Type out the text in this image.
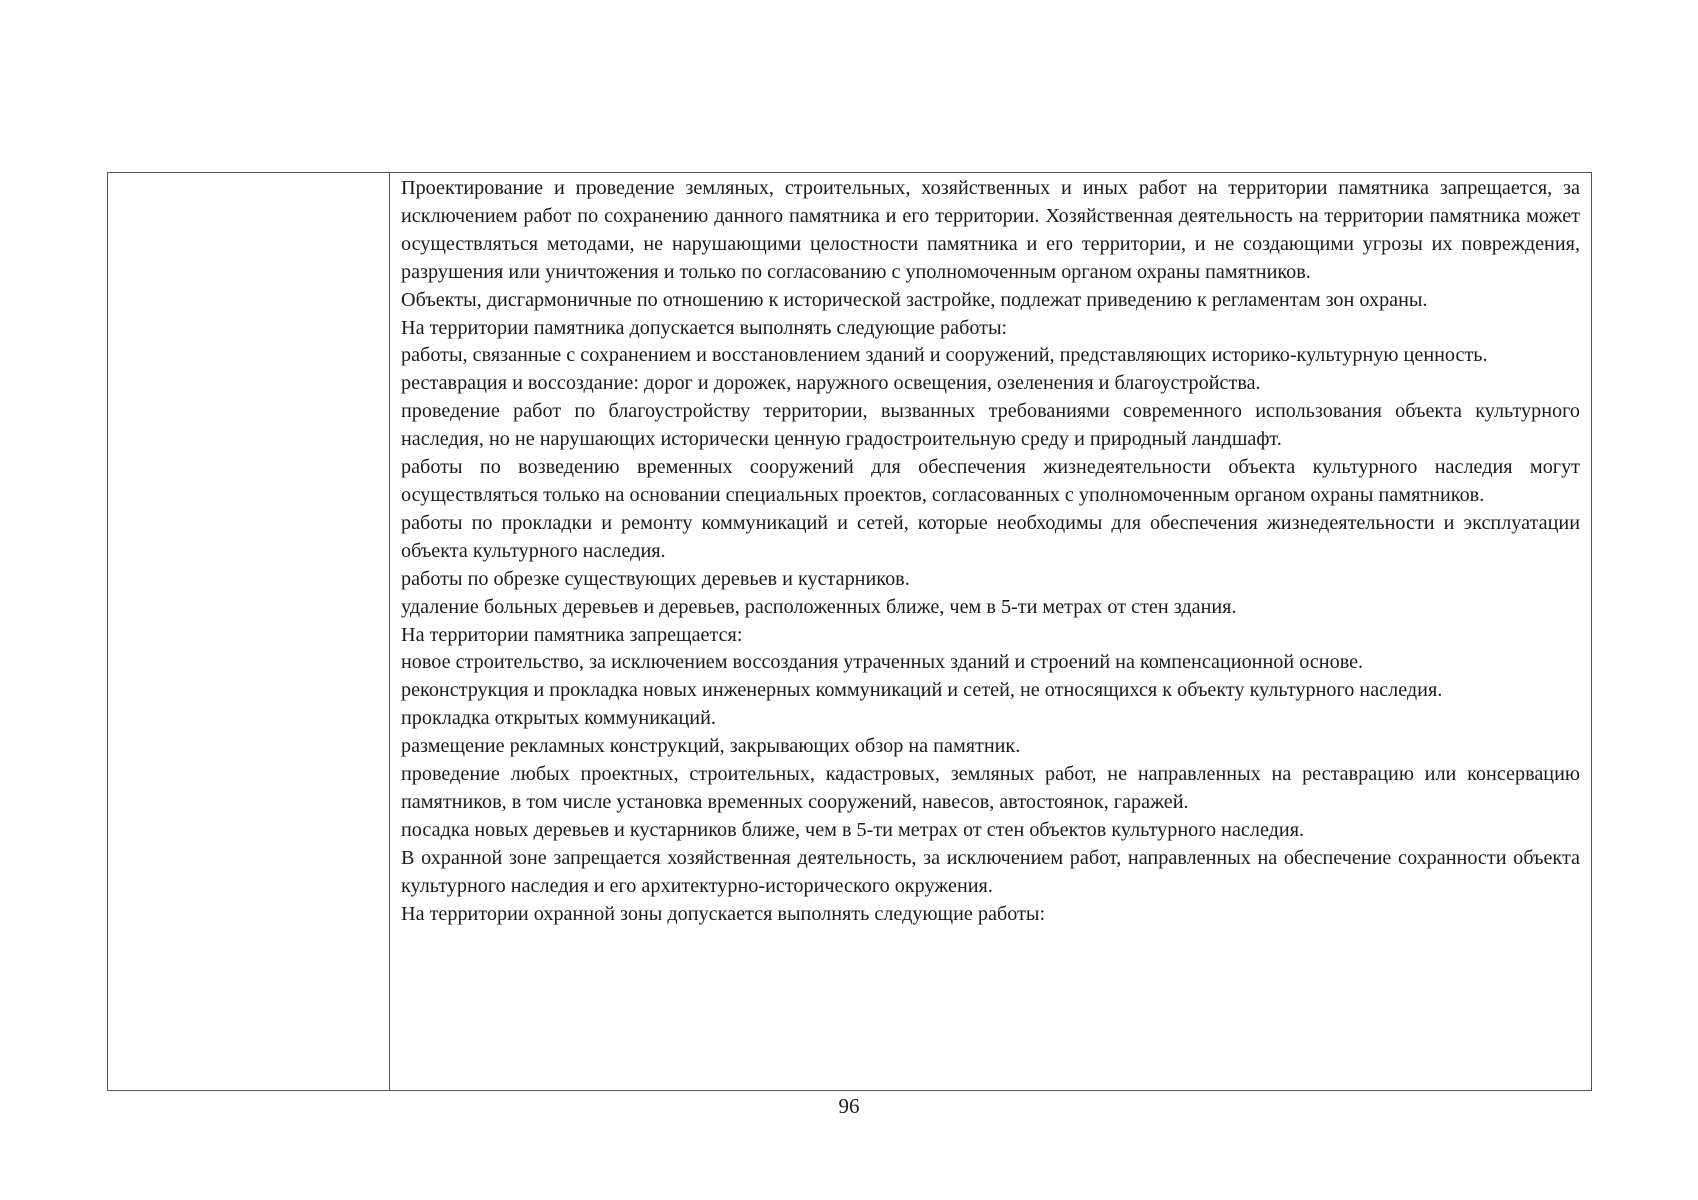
Проектирование и проведение земляных, строительных, хозяйственных и иных работ на территории памятника запрещается, за исключением работ по сохранению данного памятника и его территории. Хозяйственная деятельность на территории памятника может осуществляться методами, не нарушающими целостности памятника и его территории, и не создающими угрозы их повреждения, разрушения или уничтожения и только по согласованию с уполномоченным органом охраны памятников.

Объекты, дисгармоничные по отношению к исторической застройке, подлежат приведению к регламентам зон охраны.

На территории памятника допускается выполнять следующие работы:

работы, связанные с сохранением и восстановлением зданий и сооружений, представляющих историко-культурную ценность.

реставрация и воссоздание: дорог и дорожек, наружного освещения, озеленения и благоустройства.

проведение работ по благоустройству территории, вызванных требованиями современного использования объекта культурного наследия, но не нарушающих исторически ценную градостроительную среду и природный ландшафт.

работы по возведению временных сооружений для обеспечения жизнедеятельности объекта культурного наследия могут осуществляться только на основании специальных проектов, согласованных с уполномоченным органом охраны памятников.

работы по прокладки и ремонту коммуникаций и сетей, которые необходимы для обеспечения жизнедеятельности и эксплуатации объекта культурного наследия.

работы по обрезке существующих деревьев и кустарников.

удаление больных деревьев и деревьев, расположенных ближе, чем в 5-ти метрах от стен здания.

На территории памятника запрещается:

новое строительство, за исключением воссоздания утраченных зданий и строений на компенсационной основе.

реконструкция и прокладка новых инженерных коммуникаций и сетей, не относящихся к объекту культурного наследия.

прокладка открытых коммуникаций.

размещение рекламных конструкций, закрывающих обзор на памятник.

проведение любых проектных, строительных, кадастровых, земляных работ, не направленных на реставрацию или консервацию памятников, в том числе установка временных сооружений, навесов, автостоянок, гаражей.

посадка новых деревьев и кустарников ближе, чем в 5-ти метрах от стен объектов культурного наследия.

В охранной зоне запрещается хозяйственная деятельность, за исключением работ, направленных на обеспечение сохранности объекта культурного наследия и его архитектурно-исторического окружения.

На территории охранной зоны допускается выполнять следующие работы:

96
